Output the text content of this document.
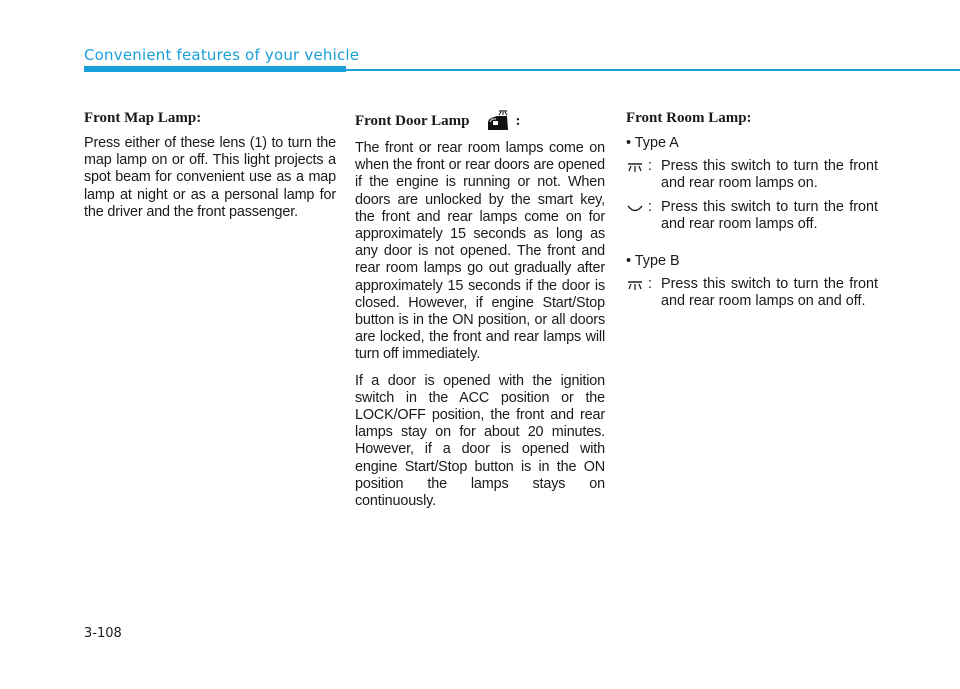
Convenient features of your vehicle
Front Map Lamp:

Press either of these lens (1) to turn the map lamp on or off. This light projects a spot beam for convenient use as a map lamp at night or as a personal lamp for the driver and the front passenger.

Front Door Lamp	:

The front or rear room lamps come on when the front or rear doors are opened if the engine is running or not. When doors are unlocked by the smart key, the front and rear lamps come on for approximately 15 seconds as long as any door is not opened. The front and rear room lamps go out gradually after approximately 15 seconds if the door is closed. However, if engine Start/Stop button is in the ON position, or all doors are locked, the front and rear lamps will turn off immediately.

If a door is opened with the ignition switch in the ACC position or the LOCK/OFF position, the front and rear lamps stay on for about 20 minutes. However, if a door is opened with engine Start/Stop button is in the ON position the lamps stays on continuously.

Front Room Lamp:
• Type A
: Press this switch to turn the front and rear room lamps on.
: Press this switch to turn the front and rear room lamps off.
• Type B
: Press this switch to turn the front and rear room lamps on and off.
3-108
